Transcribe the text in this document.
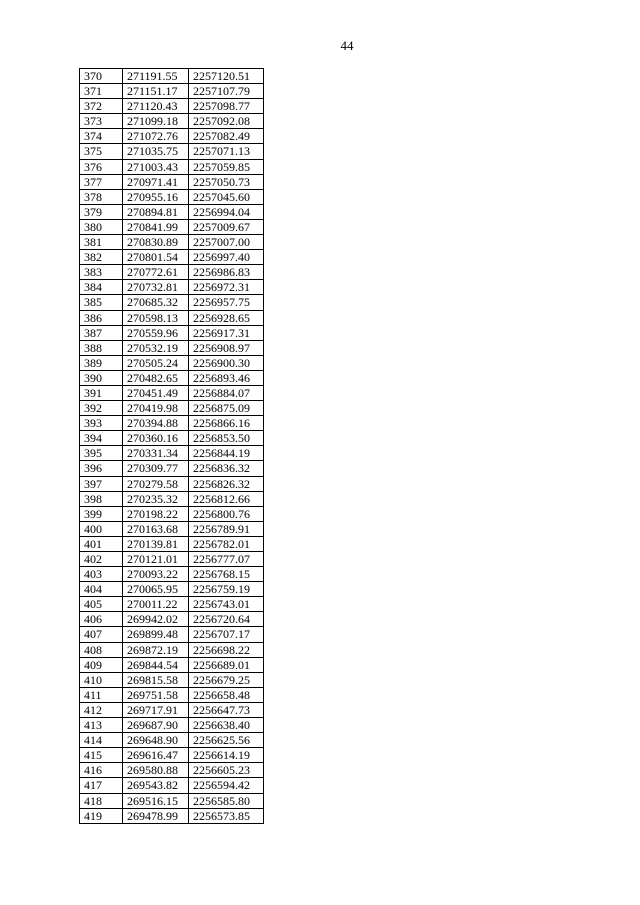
44
370	271191.55	2257120.51
371	271151.17	2257107.79
372	271120.43	2257098.77
373	271099.18	2257092.08
374	271072.76	2257082.49
375	271035.75	2257071.13
376	271003.43	2257059.85
377	270971.41	2257050.73
378	270955.16	2257045.60
379	270894.81	2256994.04
380	270841.99	2257009.67
381	270830.89	2257007.00
382	270801.54	2256997.40
383	270772.61	2256986.83
384	270732.81	2256972.31
385	270685.32	2256957.75
386	270598.13	2256928.65
387	270559.96	2256917.31
388	270532.19	2256908.97
389	270505.24	2256900.30
390	270482.65	2256893.46
391	270451.49	2256884.07
392	270419.98	2256875.09
393	270394.88	2256866.16
394	270360.16	2256853.50
395	270331.34	2256844.19
396	270309.77	2256836.32
397	270279.58	2256826.32
398	270235.32	2256812.66
399	270198.22	2256800.76
400	270163.68	2256789.91
401	270139.81	2256782.01
402	270121.01	2256777.07
403	270093.22	2256768.15
404	270065.95	2256759.19
405	270011.22	2256743.01
406	269942.02	2256720.64
407	269899.48	2256707.17
408	269872.19	2256698.22
409	269844.54	2256689.01
410	269815.58	2256679.25
411	269751.58	2256658.48
412	269717.91	2256647.73
413	269687.90	2256638.40
414	269648.90	2256625.56
415	269616.47	2256614.19
416	269580.88	2256605.23
417	269543.82	2256594.42
418	269516.15	2256585.80
419	269478.99	2256573.85
